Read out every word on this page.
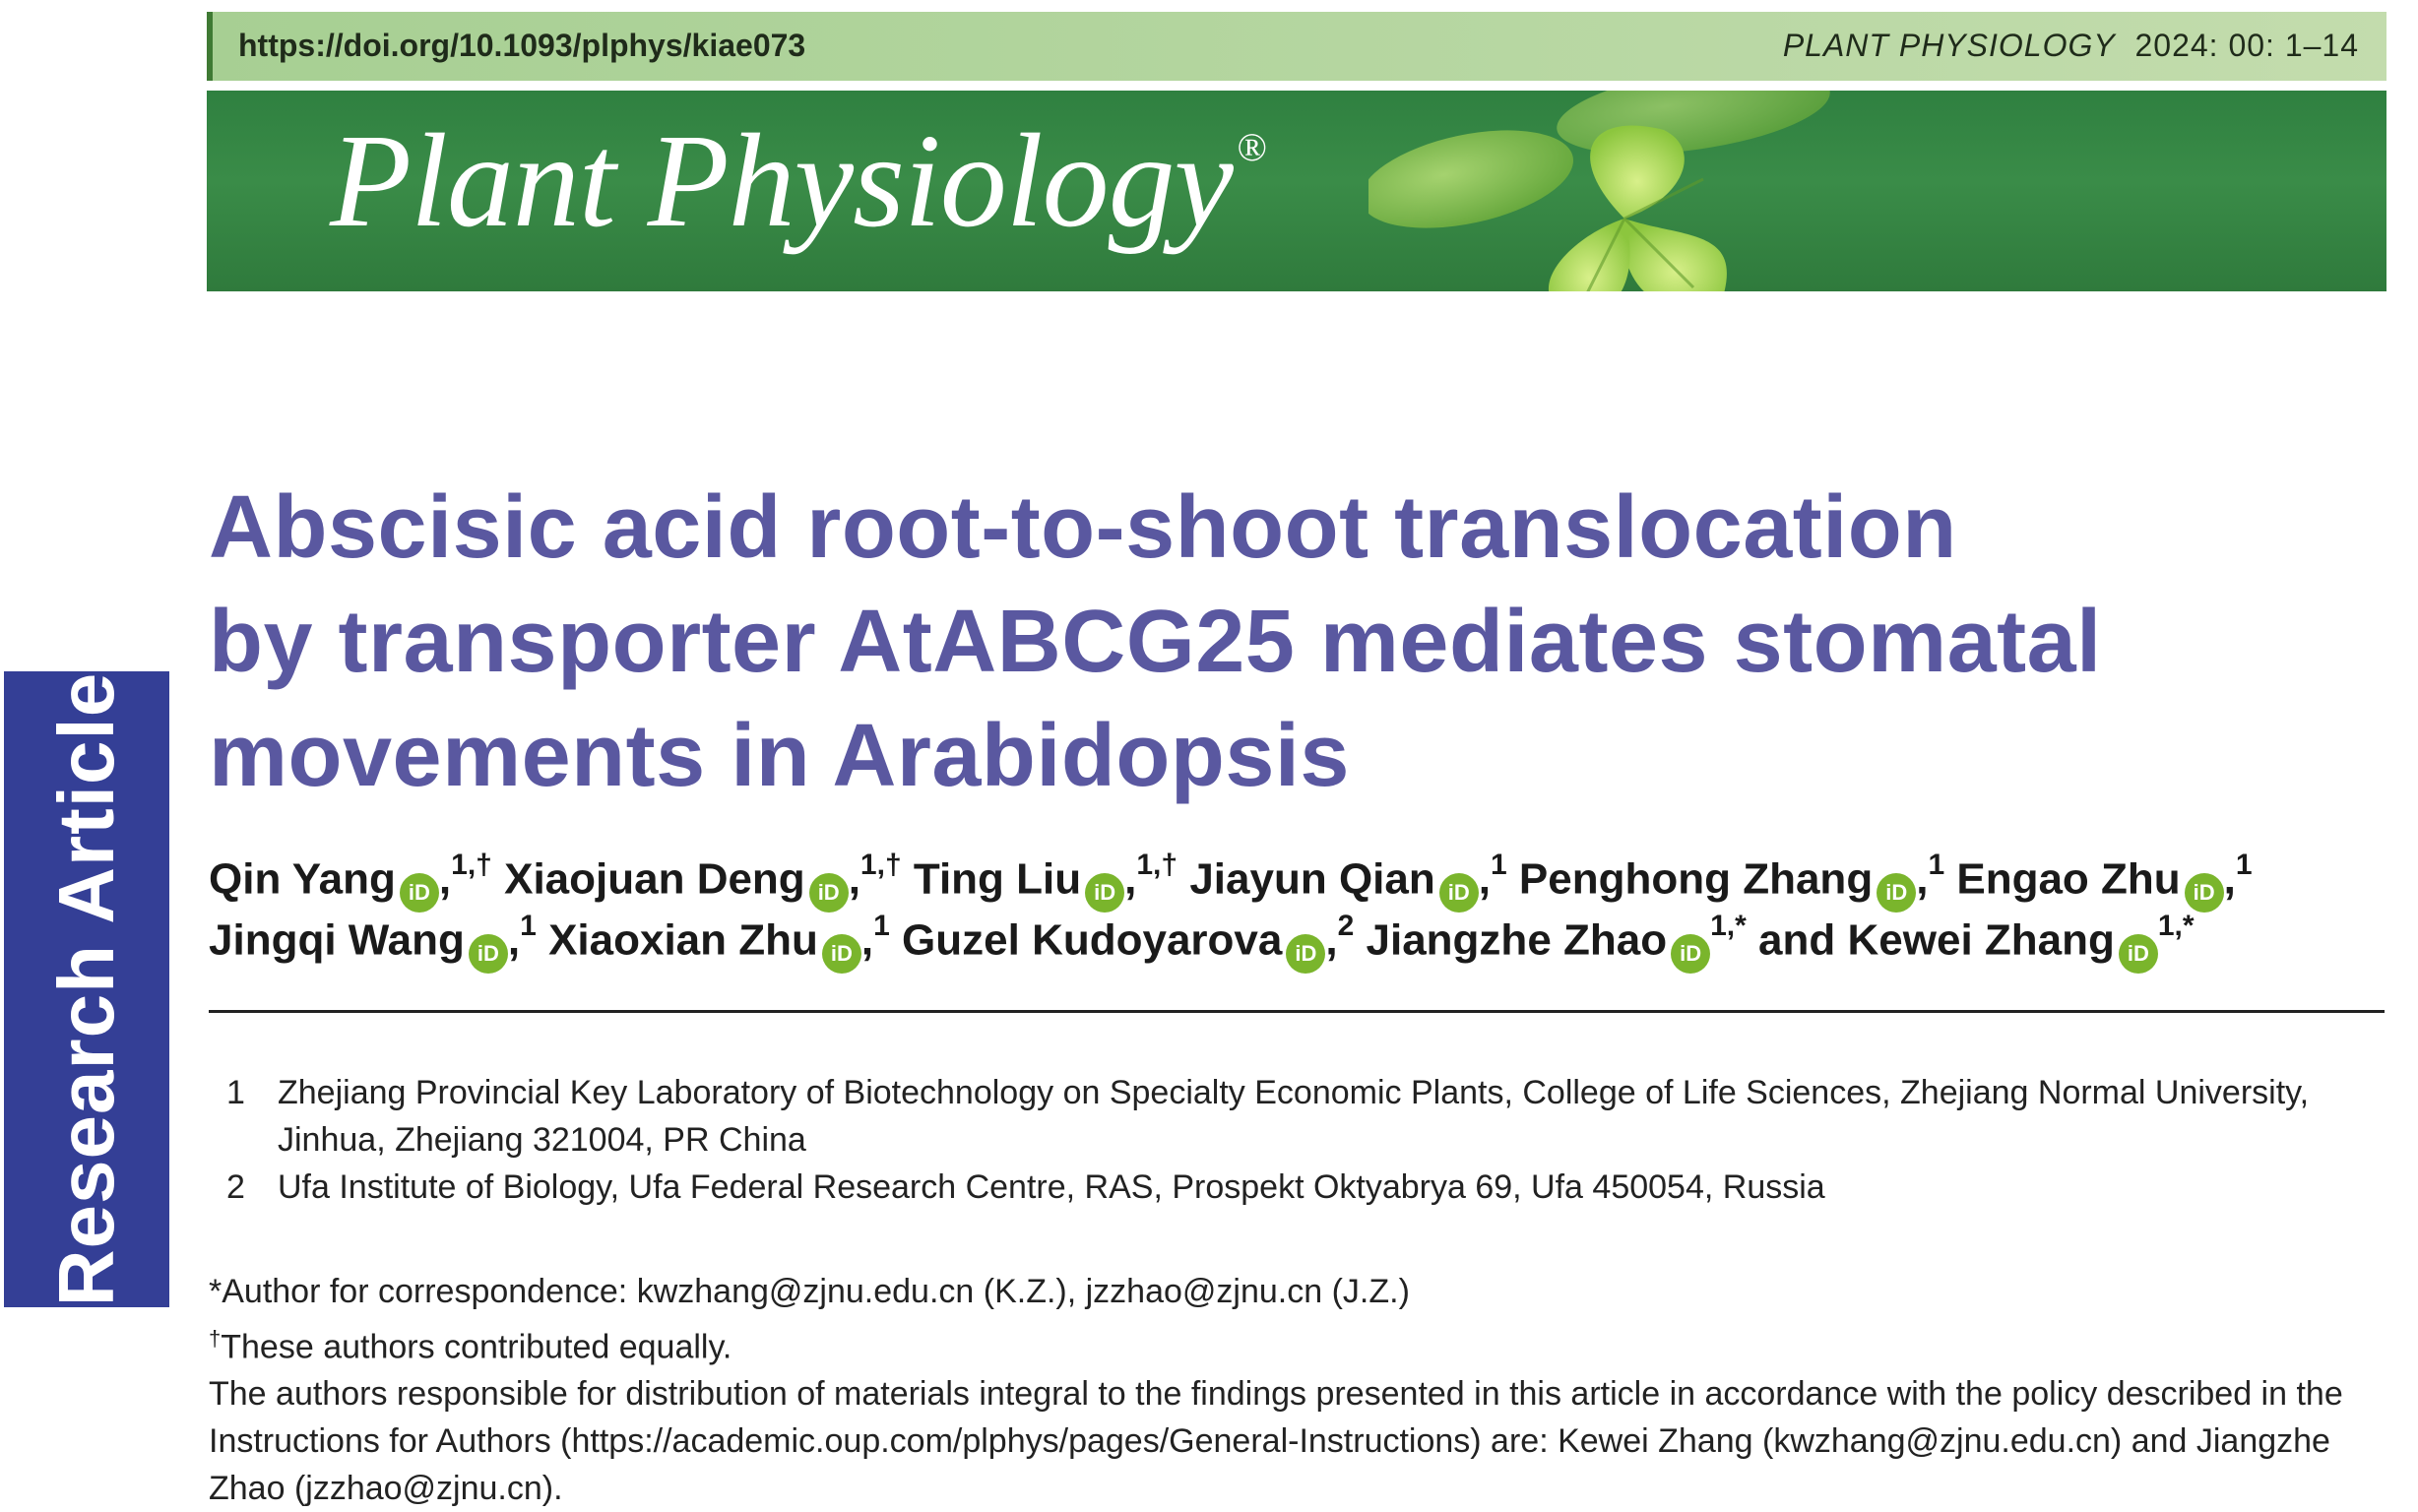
https://doi.org/10.1093/plphys/kiae073	PLANT PHYSIOLOGY 2024: 00: 1–14
Plant Physiology ®
Research Article
Abscisic acid root-to-shoot translocation
by transporter AtABCG25 mediates stomatal
movements in Arabidopsis
Qin Yang iD ,$^{1,\dagger}$ Xiaojuan Deng iD ,$^{1,\dagger}$ Ting Liu iD ,$^{1,\dagger}$ Jiayun Qian iD ,$^1$ Penghong Zhang iD ,$^1$ Engao Zhu iD ,$^1$
Jingqi Wang iD ,$^1$ Xiaoxian Zhu iD ,$^1$ Guzel Kudoyarova iD ,$^2$ Jiangzhe Zhao $iD^{1,*}$ and Kewei Zhang $iD^{1,*}$
1 Zhejiang Provincial Key Laboratory of Biotechnology on Specialty Economic Plants, College of Life Sciences, Zhejiang Normal University, Jinhua, Zhejiang 321004, PR China
2 Ufa Institute of Biology, Ufa Federal Research Centre, RAS, Prospekt Oktyabrya 69, Ufa 450054, Russia

*Author for correspondence: kwzhang@zjnu.edu.cn (K.Z.), jzzhao@zjnu.cn (J.Z.)

†These authors contributed equally.

The authors responsible for distribution of materials integral to the findings presented in this article in accordance with the policy described in the Instructions for Authors (https://academic.oup.com/plphys/pages/General-Instructions) are: Kewei Zhang (kwzhang@zjnu.edu.cn) and Jiangzhe Zhao (jzzhao@zjnu.cn).
